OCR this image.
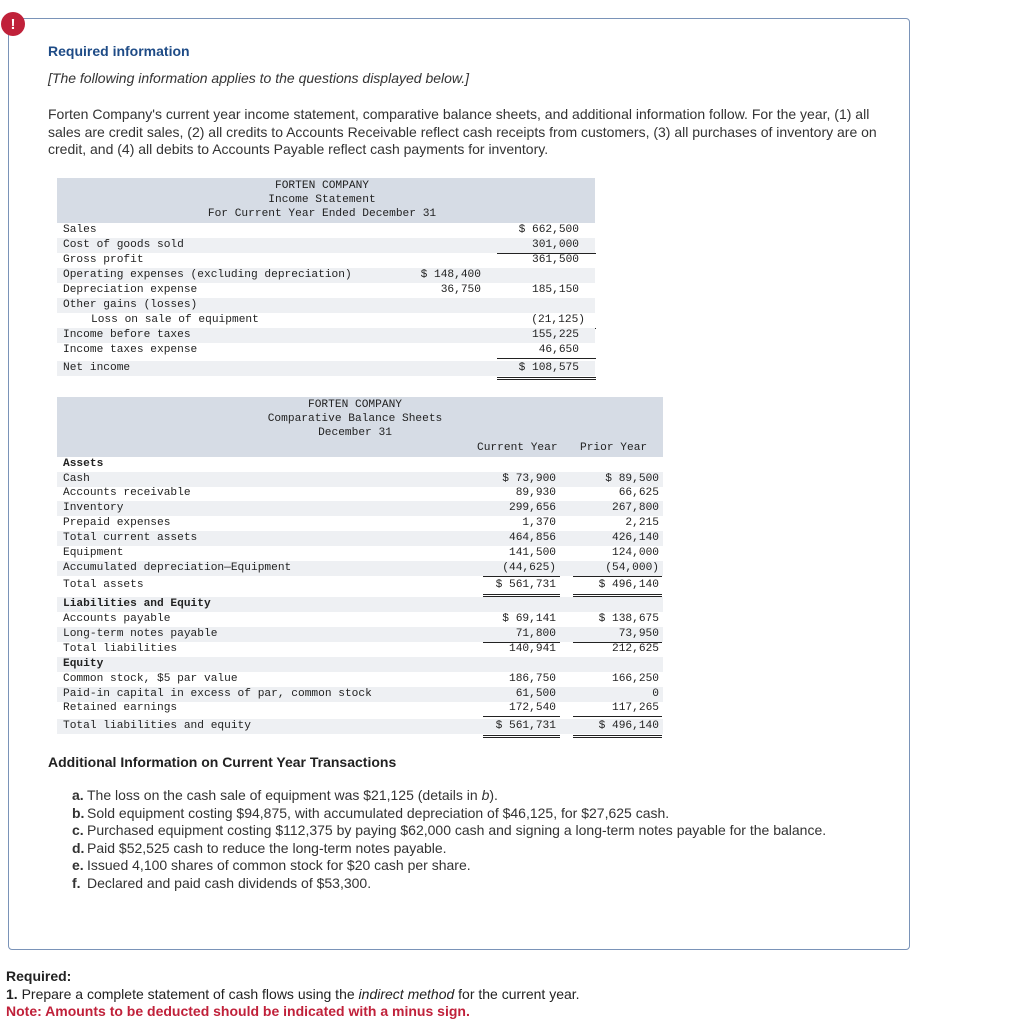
!
Required information
[The following information applies to the questions displayed below.]
Forten Company's current year income statement, comparative balance sheets, and additional information follow. For the year, (1) all sales are credit sales, (2) all credits to Accounts Receivable reflect cash receipts from customers, (3) all purchases of inventory are on credit, and (4) all debits to Accounts Payable reflect cash payments for inventory.
FORTEN COMPANY
Income Statement
For Current Year Ended December 31
Sales	$ 662,500
Cost of goods sold	301,000
Gross profit	361,500
Operating expenses (excluding depreciation)	$ 148,400
Depreciation expense	36,750	185,150
Other gains (losses)
Loss on sale of equipment	(21,125)
Income before taxes	155,225
Income taxes expense	46,650
Net income	$ 108,575
FORTEN COMPANY
Comparative Balance Sheets
December 31
Current Year Prior Year
Assets
Cash	$ 73,900	$ 89,500
Accounts receivable	89,930	66,625
Inventory	299,656	267,800
Prepaid expenses	1,370	2,215
Total current assets	464,856	426,140
Equipment	141,500	124,000
Accumulated depreciation—Equipment	(44,625)	(54,000)
Total assets	$ 561,731	$ 496,140
Liabilities and Equity
Accounts payable	$ 69,141	$ 138,675
Long-term notes payable	71,800	73,950
Total liabilities	140,941	212,625
Equity
Common stock, $5 par value	186,750	166,250
Paid-in capital in excess of par, common stock	61,500	0
Retained earnings	172,540	117,265
Total liabilities and equity	$ 561,731	$ 496,140
Additional Information on Current Year Transactions
a. The loss on the cash sale of equipment was $21,125 (details in b).
b. Sold equipment costing $94,875, with accumulated depreciation of $46,125, for $27,625 cash.
c. Purchased equipment costing $112,375 by paying $62,000 cash and signing a long-term notes payable for the balance.
d. Paid $52,525 cash to reduce the long-term notes payable.
e. Issued 4,100 shares of common stock for $20 cash per share.
f. Declared and paid cash dividends of $53,300.
Required:
1. Prepare a complete statement of cash flows using the indirect method for the current year.
Note: Amounts to be deducted should be indicated with a minus sign.
